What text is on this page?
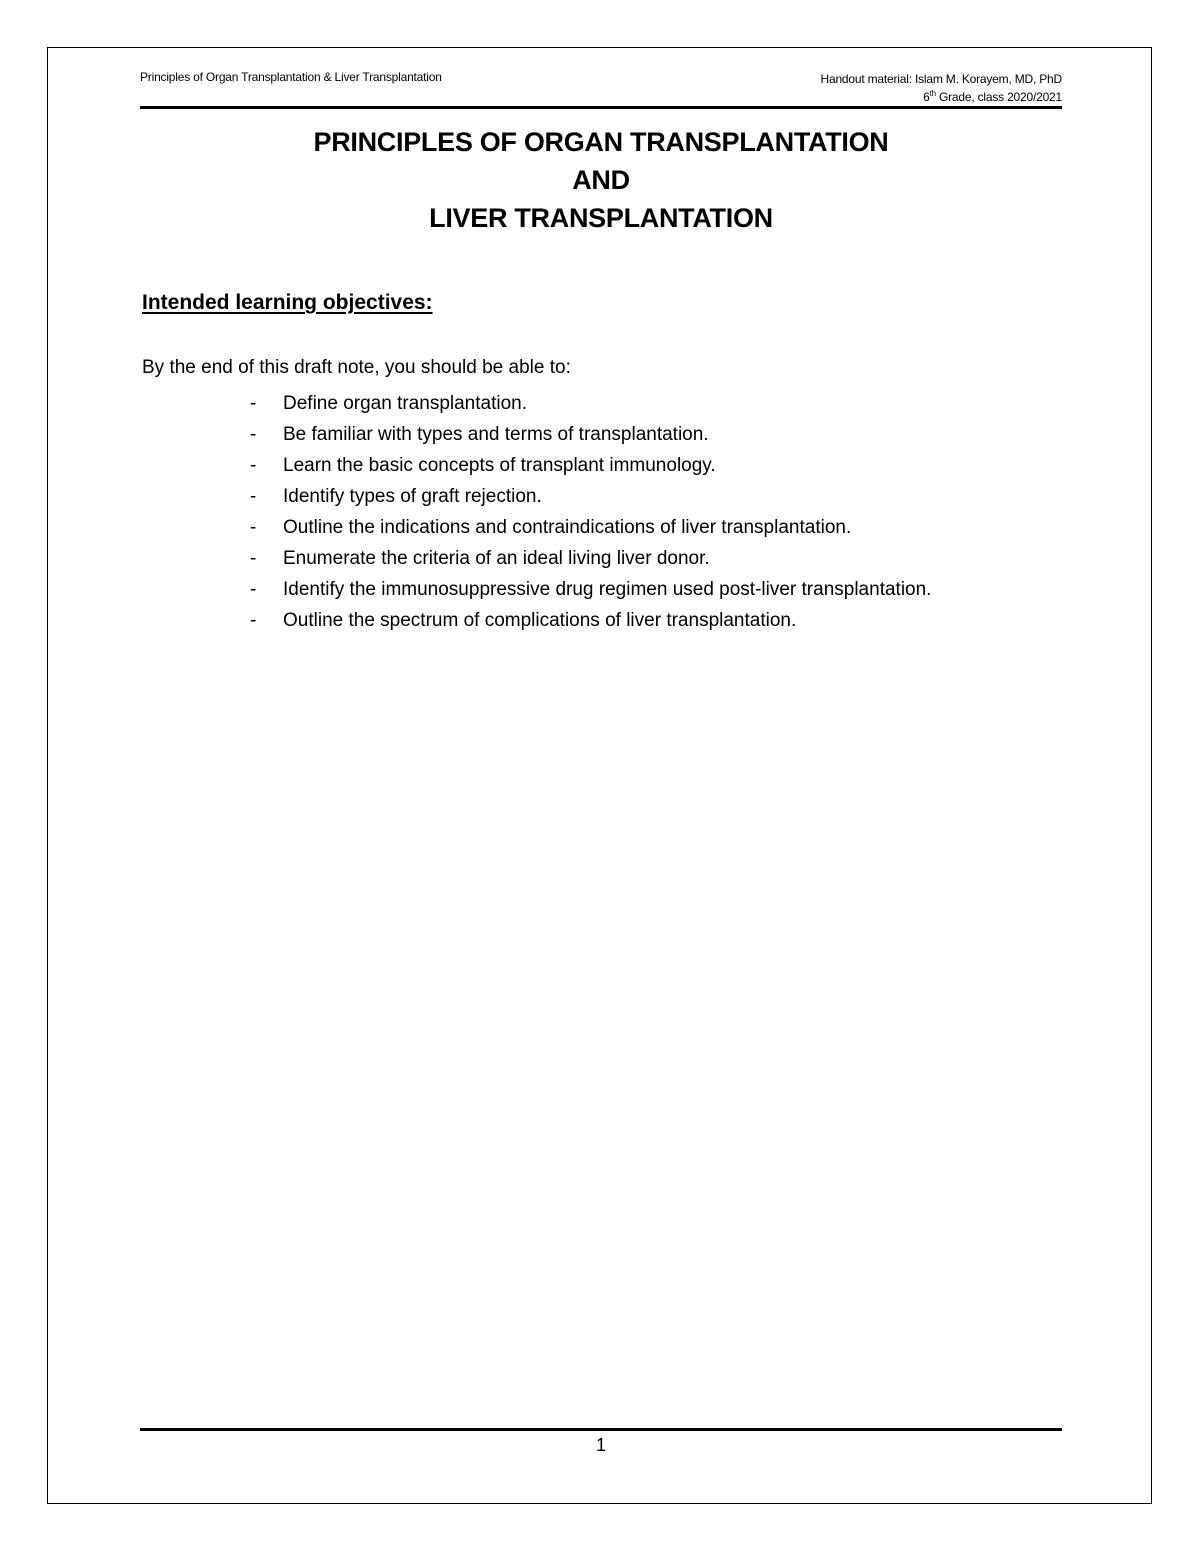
Principles of Organ Transplantation & Liver Transplantation	Handout material: Islam M. Korayem, MD, PhD
6th Grade, class 2020/2021
PRINCIPLES OF ORGAN TRANSPLANTATION
AND
LIVER TRANSPLANTATION
Intended learning objectives:
By the end of this draft note, you should be able to:
- Define organ transplantation.
- Be familiar with types and terms of transplantation.
- Learn the basic concepts of transplant immunology.
- Identify types of graft rejection.
- Outline the indications and contraindications of liver transplantation.
- Enumerate the criteria of an ideal living liver donor.
- Identify the immunosuppressive drug regimen used post-liver transplantation.
- Outline the spectrum of complications of liver transplantation.
1
